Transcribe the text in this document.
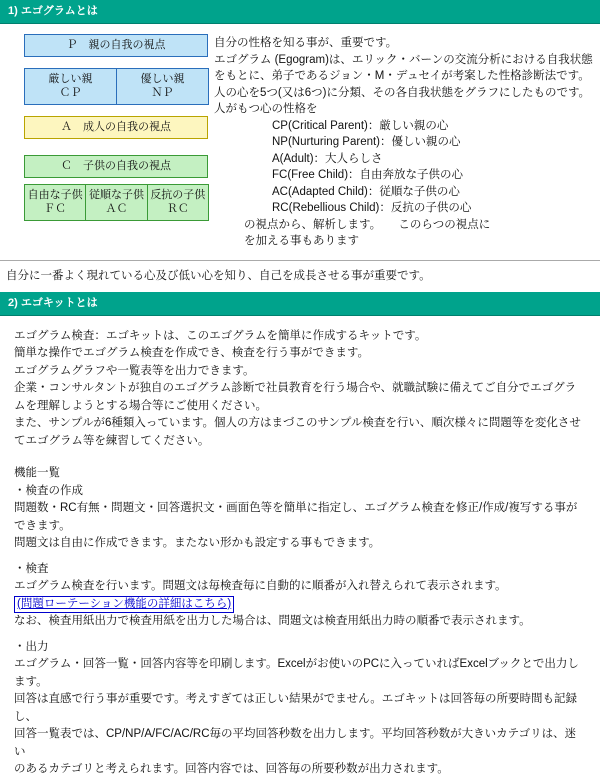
1) エゴグラムとは
Ｐ　親の自我の視点
厳しい親
ＣＰ
優しい親
ＮＰ
Ａ　成人の自我の視点
Ｃ　子供の自我の視点
自由な子供
ＦＣ
従順な子供
ＡＣ
反抗の子供
ＲＣ

自分の性格を知る事が、重要です。

エゴグラム (Egogram)は、エリック・バーンの交流分析における自我状態をもとに、弟子であるジョン・M・デュセイが考案した性格診断法です。人の心を5つ(又は6つ)に分類、その各自我状態をグラフにしたものです。

人がもつ心の性格を

CP(Critical Parent)：厳しい親の心

NP(Nurturing Parent)：優しい親の心

A(Adult)：大人らしさ

FC(Free Child)：自由奔放な子供の心

AC(Adapted Child)：従順な子供の心

RC(Rebellious Child)：反抗の子供の心

の視点から、解析します。　　このらつの視点に

を加える事もあります

自分に一番よく現れている心及び低い心を知り、自己を成長させる事が重要です。
2) エゴキットとは

エゴグラム検査：エゴキットは、このエゴグラムを簡単に作成するキットです。

簡単な操作でエゴグラム検査を作成でき、検査を行う事ができます。

エゴグラムグラフや一覧表等を出力できます。

企業・コンサルタントが独自のエゴグラム診断で社員教育を行う場合や、就職試験に備えてご自分でエゴグラムを理解しようとする場合等にご使用ください。

また、サンプルが6種類入っています。個人の方はまづこのサンプル検査を行い、順次様々に問題等を変化させてエゴグラム等を練習してください。

機能一覧

・検査の作成

問題数・RC有無・問題文・回答選択文・画面色等を簡単に指定し、エゴグラム検査を修正/作成/複写する事ができます。

問題文は自由に作成できます。またない形かも設定する事もできます。

・検査

エゴグラム検査を行います。問題文は毎検査毎に自動的に順番が入れ替えられて表示されます。

(問題ローテーション機能の詳細はこちら)

なお、検査用紙出力で検査用紙を出力した場合は、問題文は検査用紙出力時の順番で表示されます。

・出力

エゴグラム・回答一覧・回答内容等を印刷します。Excelがお使いのPCに入っていればExcelブックとで出力します。

回答は直感で行う事が重要です。考えすぎては正しい結果がでません。エゴキットは回答毎の所要時間も記録し、

回答一覧表では、CP/NP/A/FC/AC/RC毎の平均回答秒数を出力します。平均回答秒数が大きいカテゴリは、迷い

のあるカテゴリと考えられます。回答内容では、回答毎の所要秒数が出力されます。
